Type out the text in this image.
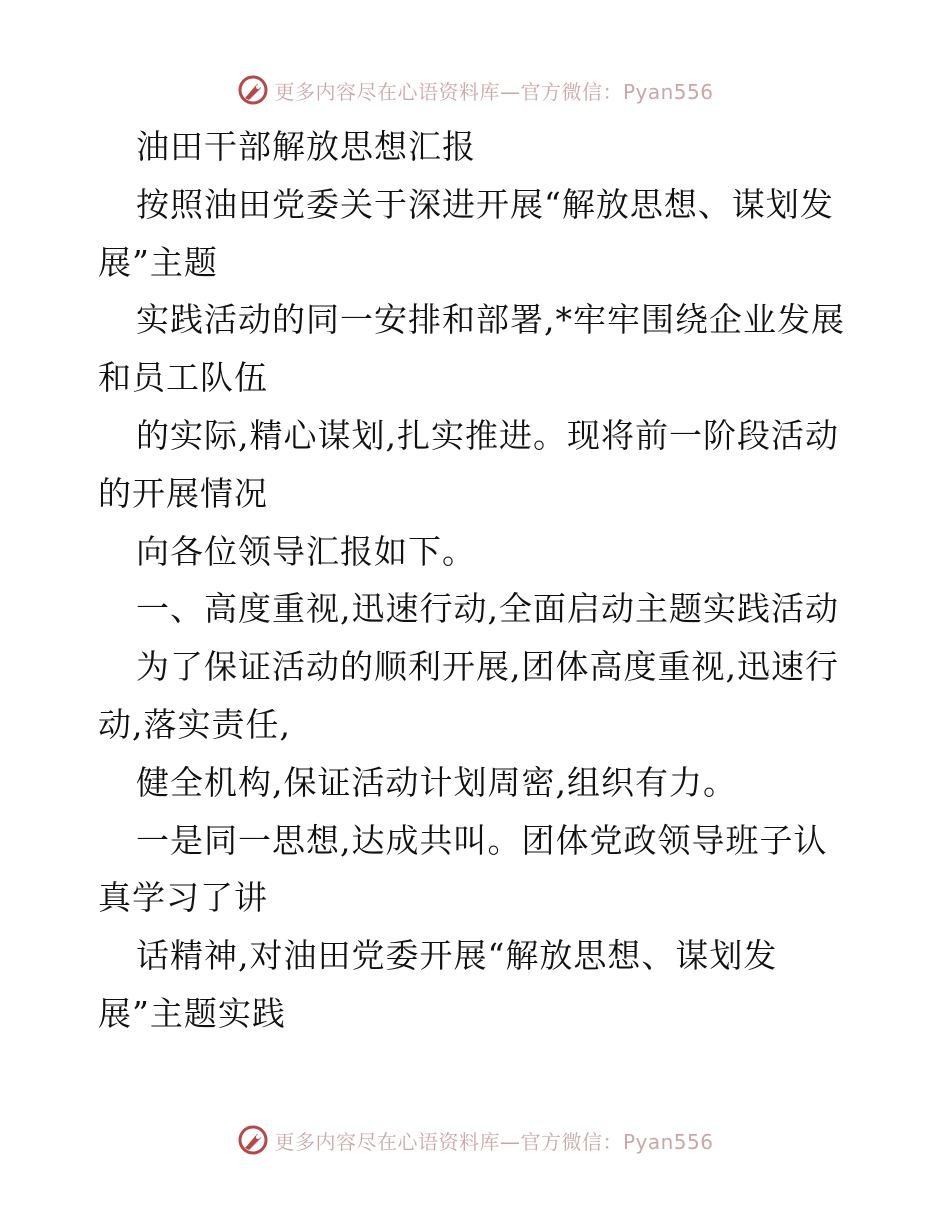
更多内容尽在心语资料库—官方微信：Pyan556
油田干部解放思想汇报
按照油田党委关于深进开展“解放思想、谋划发
展”主题
实践活动的同一安排和部署,*牢牢围绕企业发展
和员工队伍
的实际,精心谋划,扎实推进。现将前一阶段活动
的开展情况
向各位领导汇报如下。
一、高度重视,迅速行动,全面启动主题实践活动
为了保证活动的顺利开展,团体高度重视,迅速行
动,落实责任,
健全机构,保证活动计划周密,组织有力。
一是同一思想,达成共叫。团体党政领导班子认
真学习了讲
话精神,对油田党委开展“解放思想、谋划发
展”主题实践
更多内容尽在心语资料库—官方微信：Pyan556
